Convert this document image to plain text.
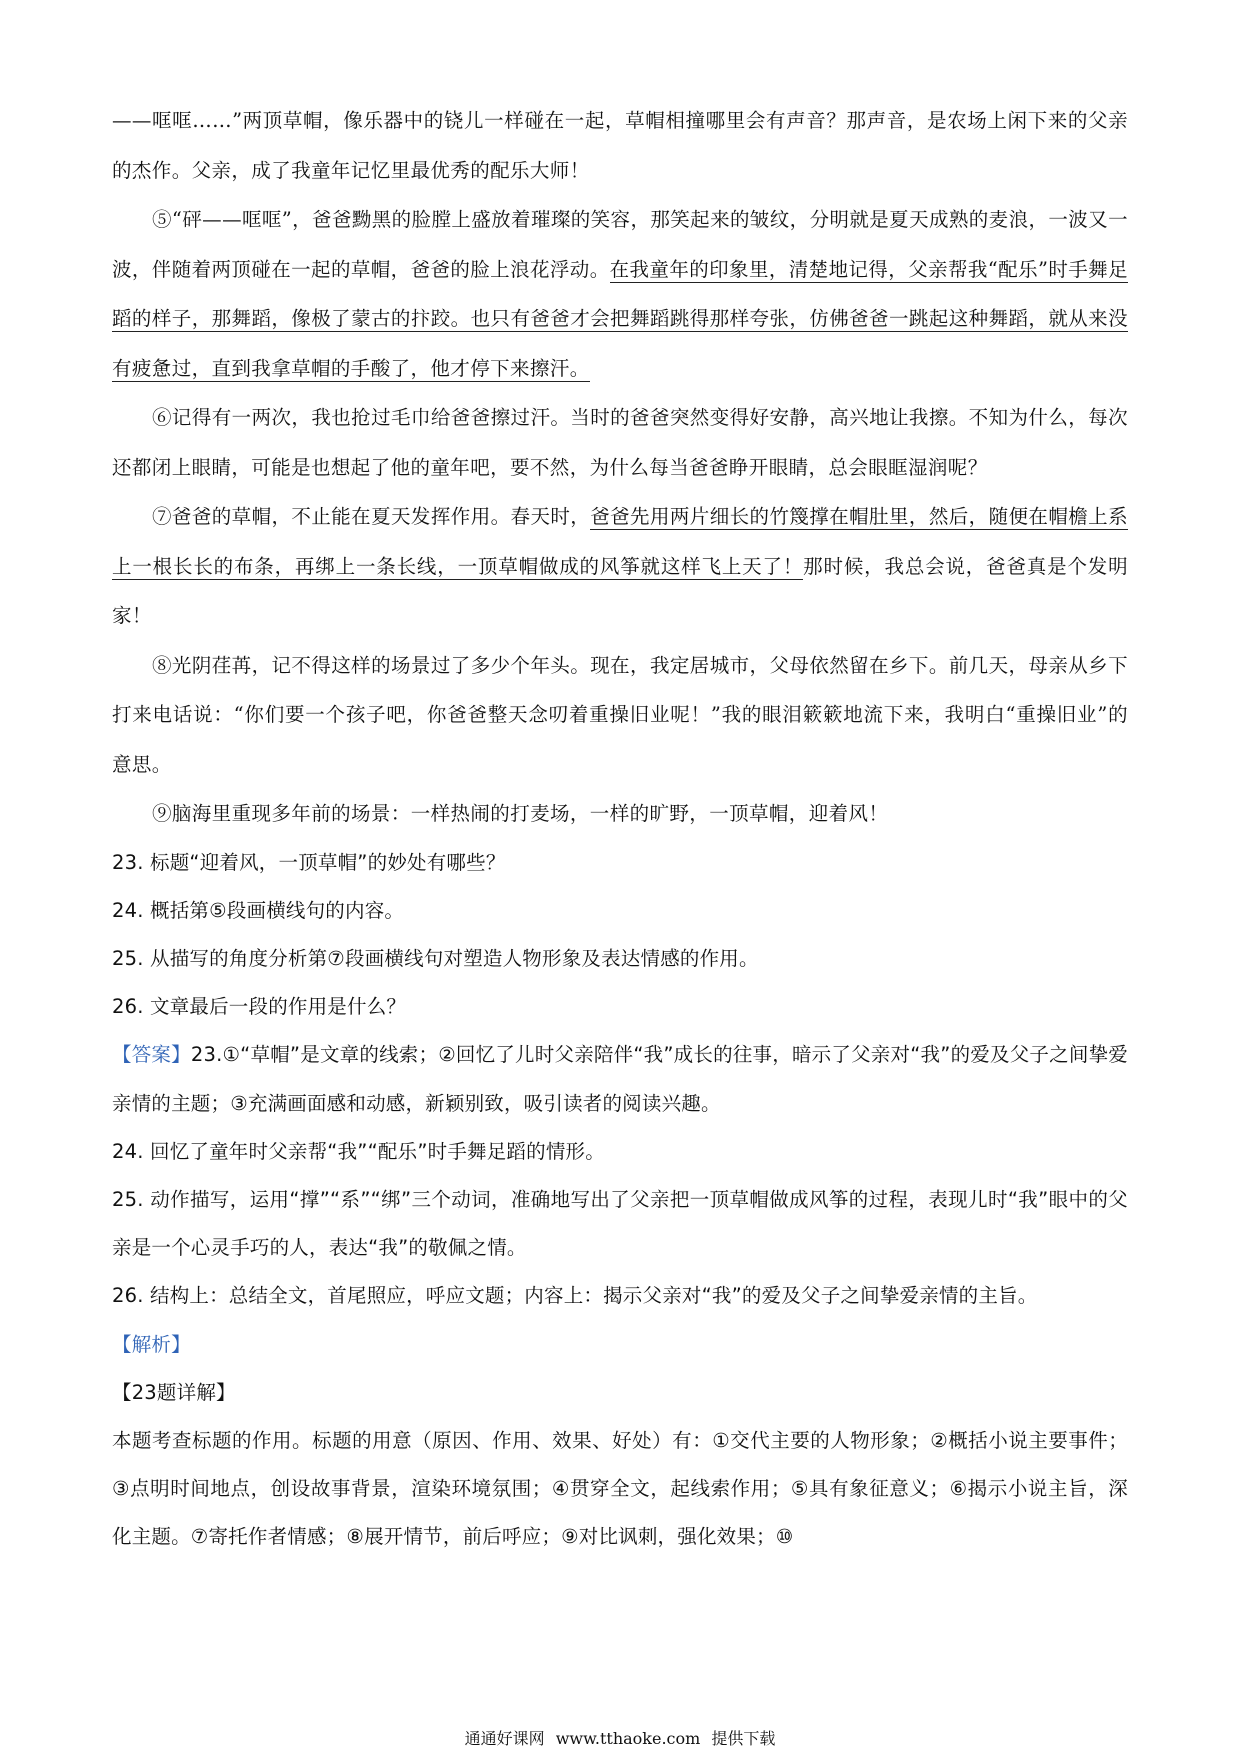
——哐哐……”两顶草帽，像乐器中的铙儿一样碰在一起，草帽相撞哪里会有声音？那声音，是农场上闲下来的父亲的杰作。父亲，成了我童年记忆里最优秀的配乐大师！

⑤“砰——哐哐”，爸爸黝黑的脸膛上盛放着璀璨的笑容，那笑起来的皱纹，分明就是夏天成熟的麦浪，一波又一波，伴随着两顶碰在一起的草帽，爸爸的脸上浪花浮动。在我童年的印象里，清楚地记得，父亲帮我“配乐”时手舞足蹈的样子，那舞蹈，像极了蒙古的抃跤。也只有爸爸才会把舞蹈跳得那样夸张，仿佛爸爸一跳起这种舞蹈，就从来没有疲惫过，直到我拿草帽的手酸了，他才停下来擦汗。

⑥记得有一两次，我也抢过毛巾给爸爸擦过汗。当时的爸爸突然变得好安静，高兴地让我擦。不知为什么，每次还都闭上眼睛，可能是也想起了他的童年吧，要不然，为什么每当爸爸睁开眼睛，总会眼眶湿润呢？

⑦爸爸的草帽，不止能在夏天发挥作用。春天时，爸爸先用两片细长的竹篾撑在帽肚里，然后，随便在帽檐上系上一根长长的布条，再绑上一条长线，一顶草帽做成的风筝就这样飞上天了！那时候，我总会说，爸爸真是个发明家！

⑧光阴荏苒，记不得这样的场景过了多少个年头。现在，我定居城市，父母依然留在乡下。前几天，母亲从乡下打来电话说：“你们要一个孩子吧，你爸爸整天念叨着重操旧业呢！”我的眼泪簌簌地流下来，我明白“重操旧业”的意思。

⑨脑海里重现多年前的场景：一样热闹的打麦场，一样的旷野，一顶草帽，迎着风！

23. 标题“迎着风，一顶草帽”的妙处有哪些？

24. 概括第⑤段画横线句的内容。

25. 从描写的角度分析第⑦段画横线句对塑造人物形象及表达情感的作用。

26. 文章最后一段的作用是什么？

【答案】23.①“草帽”是文章的线索；②回忆了儿时父亲陪伴“我”成长的往事，暗示了父亲对“我”的爱及父子之间挚爱亲情的主题；③充满画面感和动感，新颖别致，吸引读者的阅读兴趣。

24. 回忆了童年时父亲帮“我”“配乐”时手舞足蹈的情形。

25. 动作描写，运用“撑”“系”“绑”三个动词，准确地写出了父亲把一顶草帽做成风筝的过程，表现儿时“我”眼中的父亲是一个心灵手巧的人，表达“我”的敬佩之情。

26. 结构上：总结全文，首尾照应，呼应文题；内容上：揭示父亲对“我”的爱及父子之间挚爱亲情的主旨。

【解析】

【23题详解】

本题考查标题的作用。标题的用意（原因、作用、效果、好处）有：①交代主要的人物形象；②概括小说主要事件；③点明时间地点，创设故事背景，渲染环境氛围；④贯穿全文，起线索作用；⑤具有象征意义；⑥揭示小说主旨，深化主题。⑦寄托作者情感；⑧展开情节，前后呼应；⑨对比讽刺，强化效果；⑩

通通好课网 www.tthaoke.com 提供下载
